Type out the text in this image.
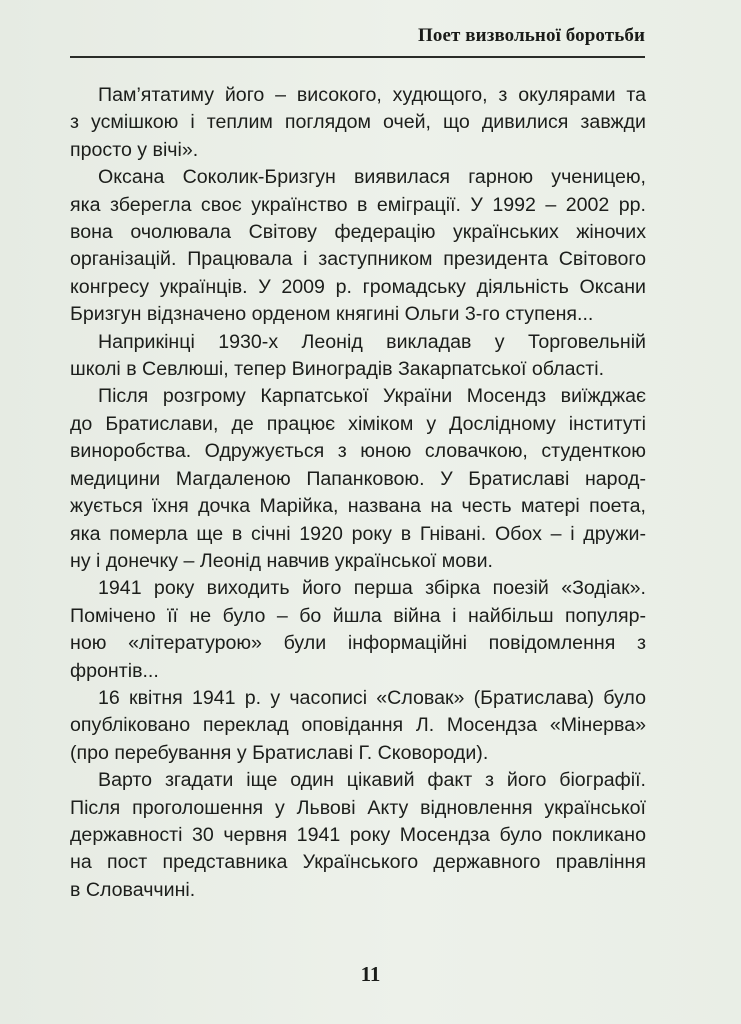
Поет визвольної боротьби

Пам’ятатиму його – високого, худющого, з окулярами та
з усмішкою і теплим поглядом очей, що дивилися завжди
просто у вічі».

Оксана Соколик-Бризгун виявилася гарною ученицею,
яка зберегла своє українство в еміграції. У 1992 – 2002 рр.
вона очолювала Світову федерацію українських жіночих
організацій. Працювала і заступником президента Світового
конгресу українців. У 2009 р. громадську діяльність Оксани
Бризгун відзначено орденом княгині Ольги 3-го ступеня...

Наприкінці 1930-х Леонід викладав у Торговельній
школі в Севлюші, тепер Виноградів Закарпатської області.

Після розгрому Карпатської України Мосендз виїжджає
до Братислави, де працює хіміком у Дослідному інституті
виноробства. Одружується з юною словачкою, студенткою
медицини Магдаленою Папанковою. У Братиславі народ-
жується їхня дочка Марійка, названа на честь матері поета,
яка померла ще в січні 1920 року в Гнівані. Обох – і дружи-
ну і донечку – Леонід навчив української мови.

1941 року виходить його перша збірка поезій «Зодіак».
Помічено її не було – бо йшла війна і найбільш популяр-
ною «літературою» були інформаційні повідомлення з
фронтів...

16 квітня 1941 р. у часописі «Словак» (Братислава) було
опубліковано переклад оповідання Л. Мосендза «Мінерва»
(про перебування у Братиславі Г. Сковороди).

Варто згадати іще один цікавий факт з його біографії.
Після проголошення у Львові Акту відновлення української
державності 30 червня 1941 року Мосендза було покликано
на пост представника Українського державного правління
в Словаччині.

11
